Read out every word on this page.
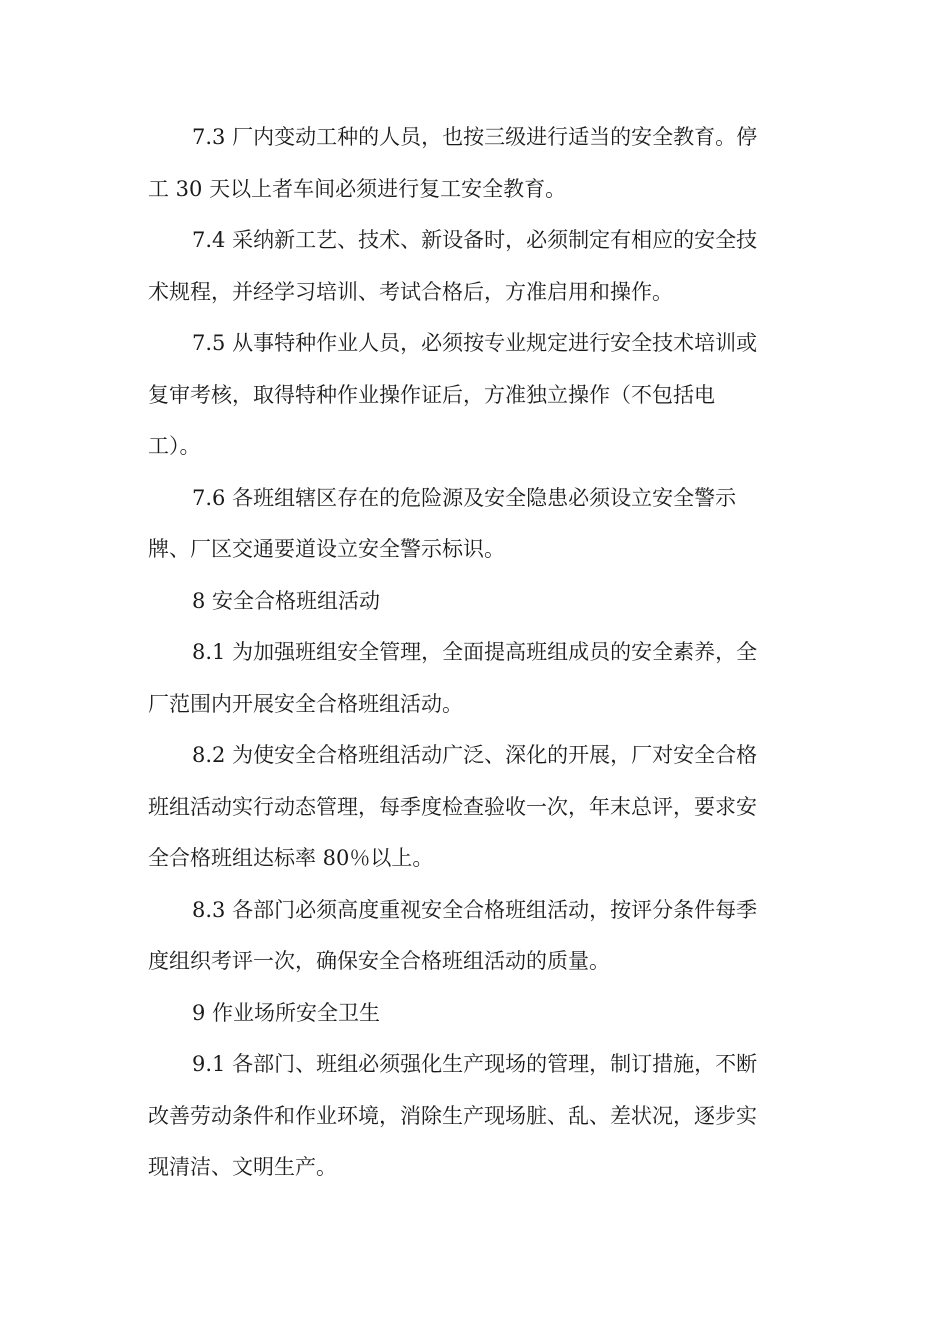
7.3 厂内变动工种的人员，也按三级进行适当的安全教育。停
工 30 天以上者车间必须进行复工安全教育。
7.4 采纳新工艺、技术、新设备时，必须制定有相应的安全技
术规程，并经学习培训、考试合格后，方准启用和操作。
7.5 从事特种作业人员，必须按专业规定进行安全技术培训或
复审考核，取得特种作业操作证后，方准独立操作（不包括电
工）。
7.6 各班组辖区存在的危险源及安全隐患必须设立安全警示
牌、厂区交通要道设立安全警示标识。
8 安全合格班组活动
8.1 为加强班组安全管理，全面提高班组成员的安全素养，全
厂范围内开展安全合格班组活动。
8.2 为使安全合格班组活动广泛、深化的开展，厂对安全合格
班组活动实行动态管理，每季度检查验收一次，年末总评，要求安
全合格班组达标率 80％以上。
8.3 各部门必须高度重视安全合格班组活动，按评分条件每季
度组织考评一次，确保安全合格班组活动的质量。
9 作业场所安全卫生
9.1 各部门、班组必须强化生产现场的管理，制订措施，不断
改善劳动条件和作业环境，消除生产现场脏、乱、差状况，逐步实
现清洁、文明生产。
